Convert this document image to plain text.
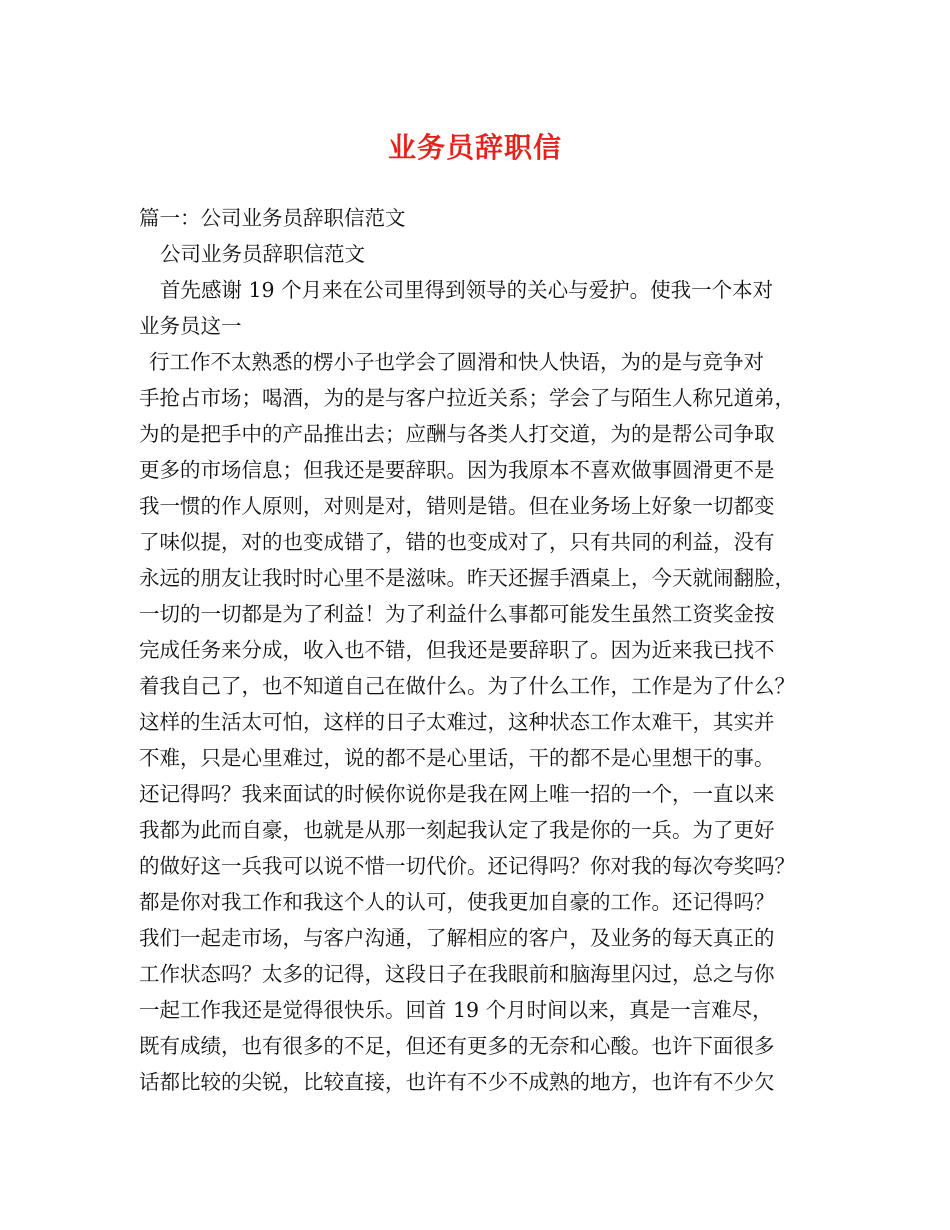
业务员辞职信
篇一：公司业务员辞职信范文
公司业务员辞职信范文
首先感谢 19 个月来在公司里得到领导的关心与爱护。使我一个本对
业务员这一
行工作不太熟悉的楞小子也学会了圆滑和快人快语，为的是与竞争对
手抢占市场；喝酒，为的是与客户拉近关系；学会了与陌生人称兄道弟，
为的是把手中的产品推出去；应酬与各类人打交道，为的是帮公司争取
更多的市场信息；但我还是要辞职。因为我原本不喜欢做事圆滑更不是
我一惯的作人原则，对则是对，错则是错。但在业务场上好象一切都变
了味似提，对的也变成错了，错的也变成对了，只有共同的利益，没有
永远的朋友让我时时心里不是滋味。昨天还握手酒桌上，今天就闹翻脸，
一切的一切都是为了利益！为了利益什么事都可能发生虽然工资奖金按
完成任务来分成，收入也不错，但我还是要辞职了。因为近来我已找不
着我自己了，也不知道自己在做什么。为了什么工作，工作是为了什么？
这样的生活太可怕，这样的日子太难过，这种状态工作太难干，其实并
不难，只是心里难过，说的都不是心里话，干的都不是心里想干的事。
还记得吗？我来面试的时候你说你是我在网上唯一招的一个，一直以来
我都为此而自豪，也就是从那一刻起我认定了我是你的一兵。为了更好
的做好这一兵我可以说不惜一切代价。还记得吗？你对我的每次夸奖吗？
都是你对我工作和我这个人的认可，使我更加自豪的工作。还记得吗？
我们一起走市场，与客户沟通，了解相应的客户，及业务的每天真正的
工作状态吗？太多的记得，这段日子在我眼前和脑海里闪过，总之与你
一起工作我还是觉得很快乐。回首 19 个月时间以来，真是一言难尽，
既有成绩，也有很多的不足，但还有更多的无奈和心酸。也许下面很多
话都比较的尖锐，比较直接，也许有不少不成熟的地方，也许有不少欠
